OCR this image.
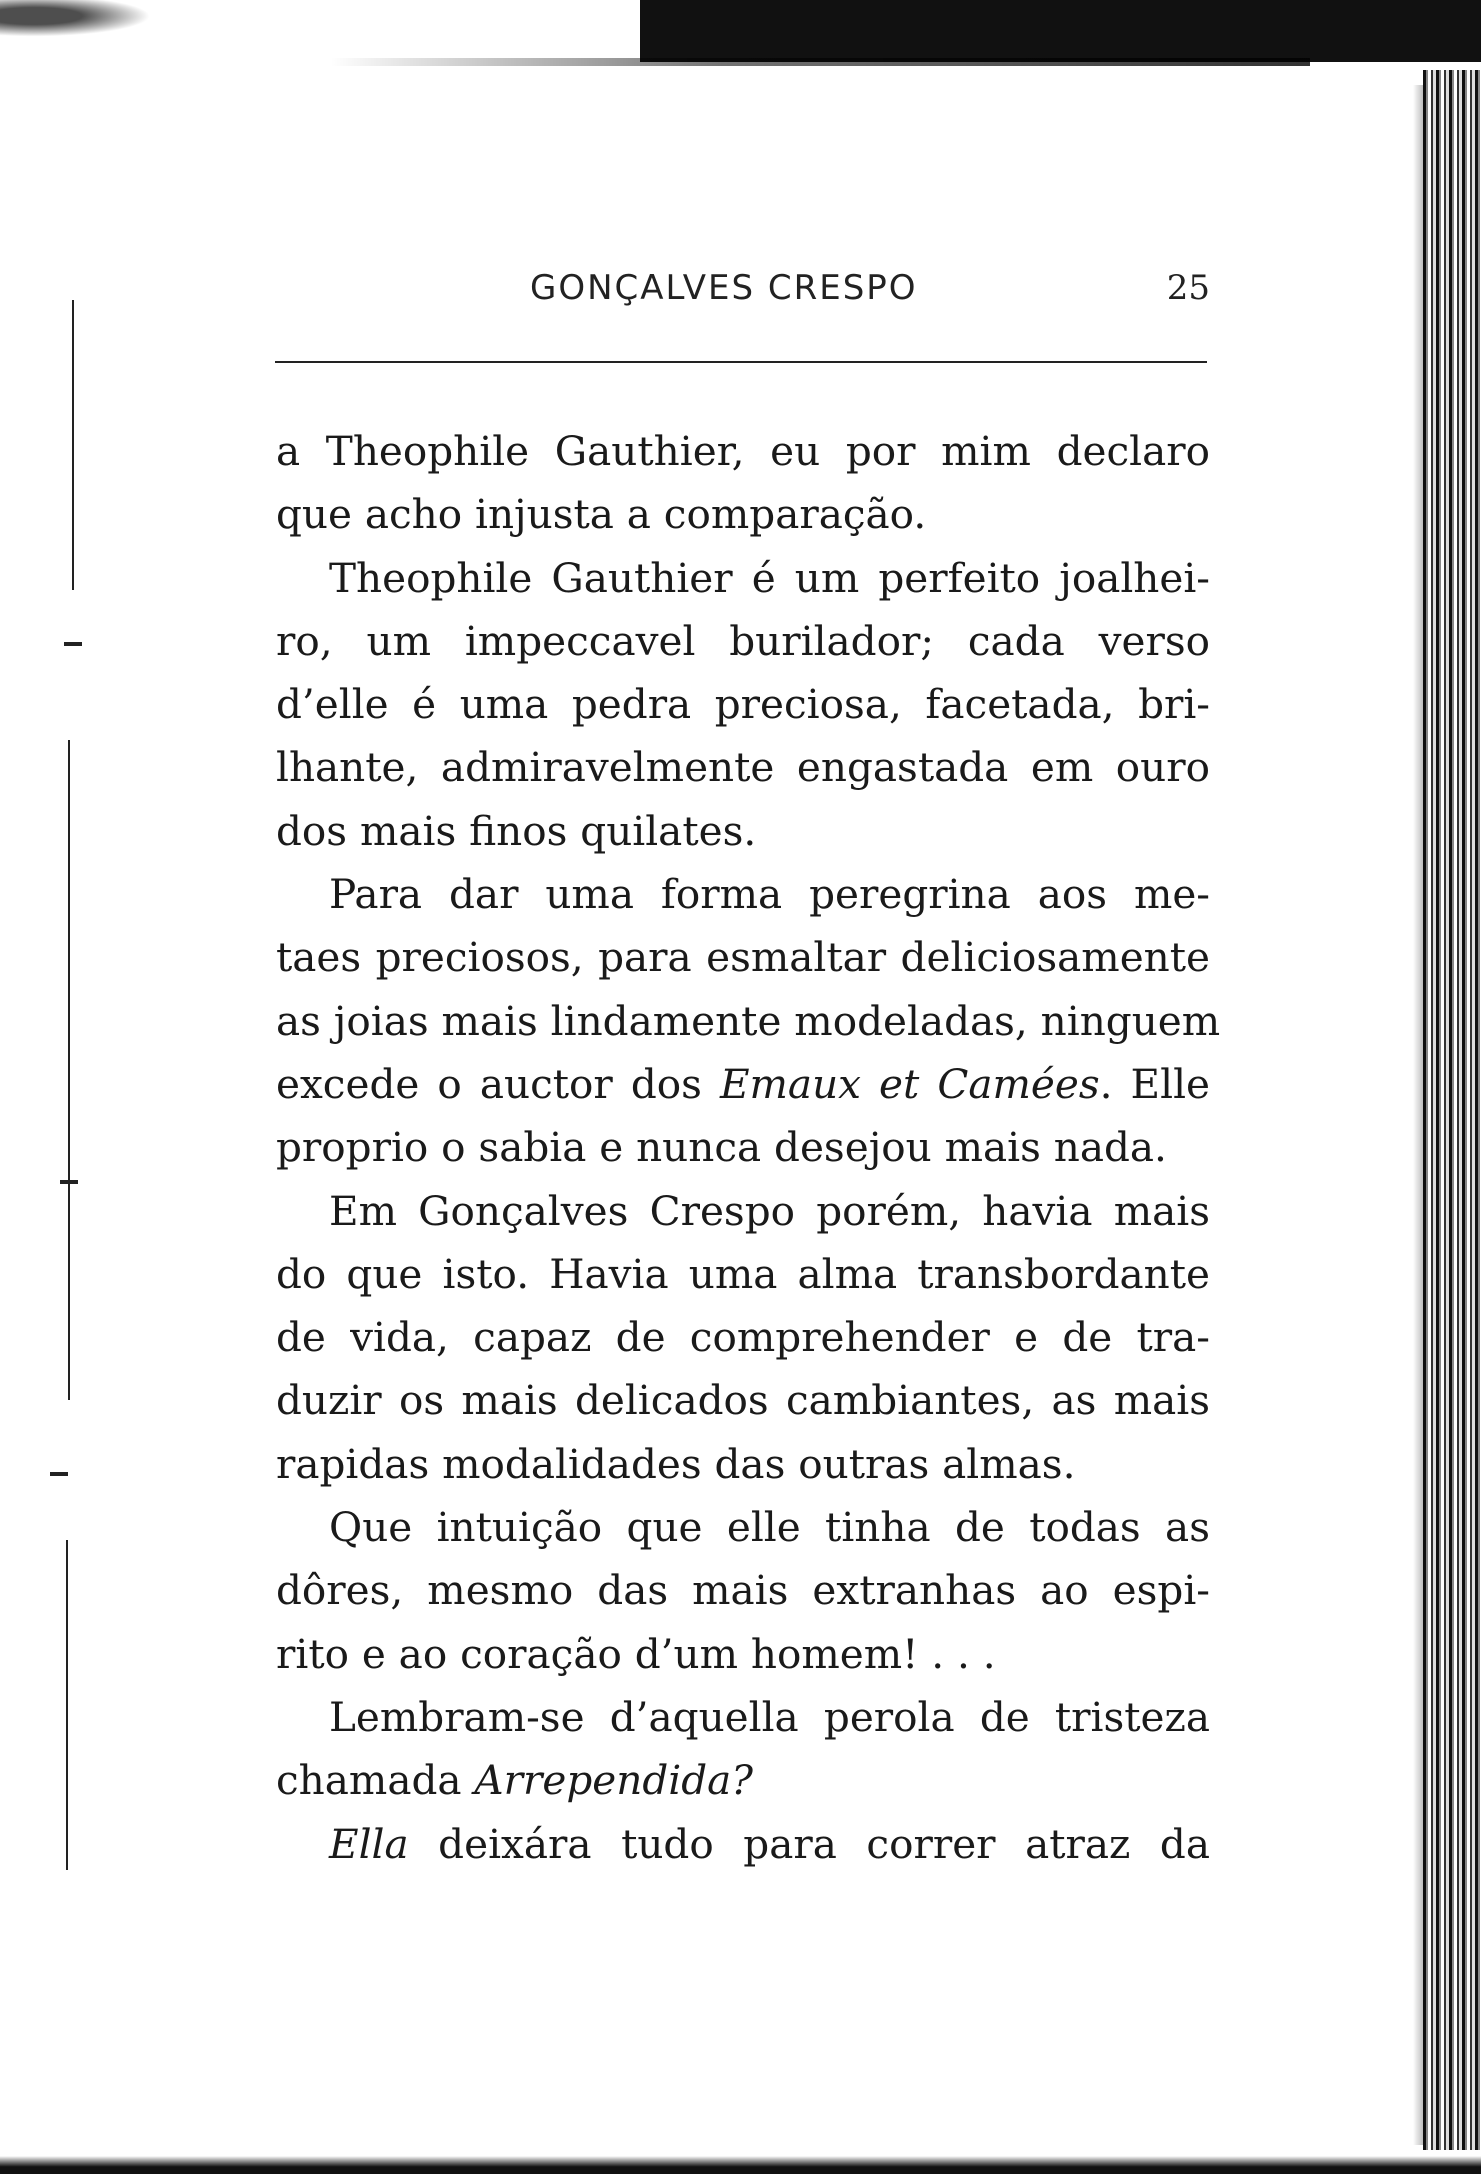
GONÇALVES CRESPO	25
a Theophile Gauthier, eu por mim declaro
que acho injusta a comparação.
Theophile Gauthier é um perfeito joalhei-
ro, um impeccavel burilador; cada verso
d’elle é uma pedra preciosa, facetada, bri-
lhante, admiravelmente engastada em ouro
dos mais finos quilates.
Para dar uma forma peregrina aos me-
taes preciosos, para esmaltar deliciosamente
as joias mais lindamente modeladas, ninguem
excede o auctor dos Emaux et Camées. Elle
proprio o sabia e nunca desejou mais nada.
Em Gonçalves Crespo porém, havia mais
do que isto. Havia uma alma transbordante
de vida, capaz de comprehender e de tra-
duzir os mais delicados cambiantes, as mais
rapidas modalidades das outras almas.
Que intuição que elle tinha de todas as
dôres, mesmo das mais extranhas ao espi-
rito e ao coração d’um homem! . . .
Lembram-se d’aquella perola de tristeza
chamada Arrependida?
Ella deixára tudo para correr atraz da
